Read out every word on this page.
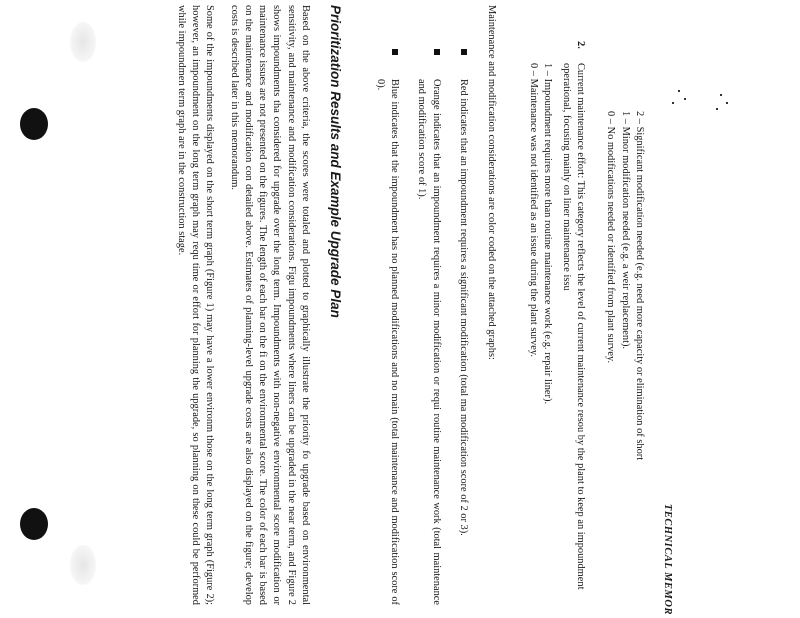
TECHNICAL MEMOR
2 – Significant modification needed (e.g. need more capacity or elimination of short
1 – Minor modification needed (e.g. a weir replacement).
0 – No modifications needed or identified from plant survey.
2.
Current maintenance effort: This category reflects the level of current maintenance resou by the plant to keep an impoundment operational, focusing mainly on liner maintenance issu
1 – Impoundment requires more than routine maintenance work (e.g. repair liner).
0 – Maintenance was not identified as an issue during the plant survey.
Maintenance and modification considerations are color coded on the attached graphs:
Red indicates that an impoundment requires a significant modification (total ma modification score of 2 or 3).
Orange indicates that an impoundment requires a minor modification or requi routine maintenance work (total maintenance and modification score of 1).
Blue indicates that the impoundment has no planned modifications and no main (total maintenance and modification score of 0).
Prioritization Results and Example Upgrade Plan

Based on the above criteria, the scores were totaled and plotted to graphically illustrate the priority fo upgrade based on environmental sensitivity, and maintenance and modification considerations. Figu impoundments where liners can be upgraded in the near term, and Figure 2 shows impoundments tha considered for upgrade over the long term. Impoundments with non-negative environmental score modification or maintenance issues are not presented on the figures. The length of each bar on the fi on the environmental score. The color of each bar is based on the maintenance and modification con detailed above. Estimates of planning-level upgrade costs are also displayed on the figure; develop costs is described later in this memorandum.

Some of the impoundments displayed on the short term graph (Figure 1) may have a lower environm those on the long term graph (Figure 2); however, an impoundment on the long term graph may requ time or effort for planning the upgrade, so planning on these could be performed while impoundmen term graph are in the construction stage.
